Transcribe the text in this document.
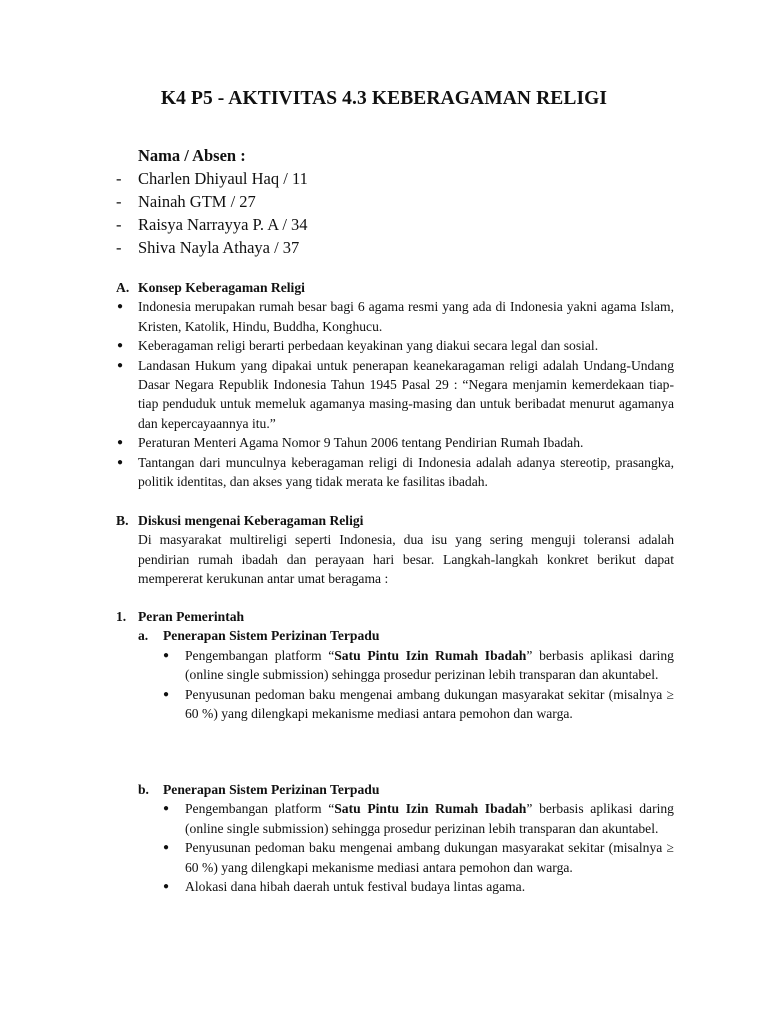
K4 P5 - AKTIVITAS 4.3 KEBERAGAMAN RELIGI
Nama / Absen :
- Charlen Dhiyaul Haq / 11
- Nainah GTM / 27
- Raisya Narrayya P. A / 34
- Shiva Nayla Athaya / 37
A. Konsep Keberagaman Religi
● Indonesia merupakan rumah besar bagi 6 agama resmi yang ada di Indonesia yakni agama Islam, Kristen, Katolik, Hindu, Buddha, Konghucu.
● Keberagaman religi berarti perbedaan keyakinan yang diakui secara legal dan sosial.
● Landasan Hukum yang dipakai untuk penerapan keanekaragaman religi adalah Undang-Undang Dasar Negara Republik Indonesia Tahun 1945 Pasal 29 : “Negara menjamin kemerdekaan tiap-tiap penduduk untuk memeluk agamanya masing-masing dan untuk beribadat menurut agamanya dan kepercayaannya itu.”
● Peraturan Menteri Agama Nomor 9 Tahun 2006 tentang Pendirian Rumah Ibadah.
● Tantangan dari munculnya keberagaman religi di Indonesia adalah adanya stereotip, prasangka, politik identitas, dan akses yang tidak merata ke fasilitas ibadah.
B. Diskusi mengenai Keberagaman Religi
Di masyarakat multireligi seperti Indonesia, dua isu yang sering menguji toleransi adalah pendirian rumah ibadah dan perayaan hari besar. Langkah-langkah konkret berikut dapat mempererat kerukunan antar umat beragama :
1. Peran Pemerintah
a. Penerapan Sistem Perizinan Terpadu
● Pengembangan platform “Satu Pintu Izin Rumah Ibadah” berbasis aplikasi daring (online single submission) sehingga prosedur perizinan lebih transparan dan akuntabel.
● Penyusunan pedoman baku mengenai ambang dukungan masyarakat sekitar (misalnya ≥ 60 %) yang dilengkapi mekanisme mediasi antara pemohon dan warga.
b. Penerapan Sistem Perizinan Terpadu
● Pengembangan platform “Satu Pintu Izin Rumah Ibadah” berbasis aplikasi daring (online single submission) sehingga prosedur perizinan lebih transparan dan akuntabel.
● Penyusunan pedoman baku mengenai ambang dukungan masyarakat sekitar (misalnya ≥ 60 %) yang dilengkapi mekanisme mediasi antara pemohon dan warga.
● Alokasi dana hibah daerah untuk festival budaya lintas agama.
